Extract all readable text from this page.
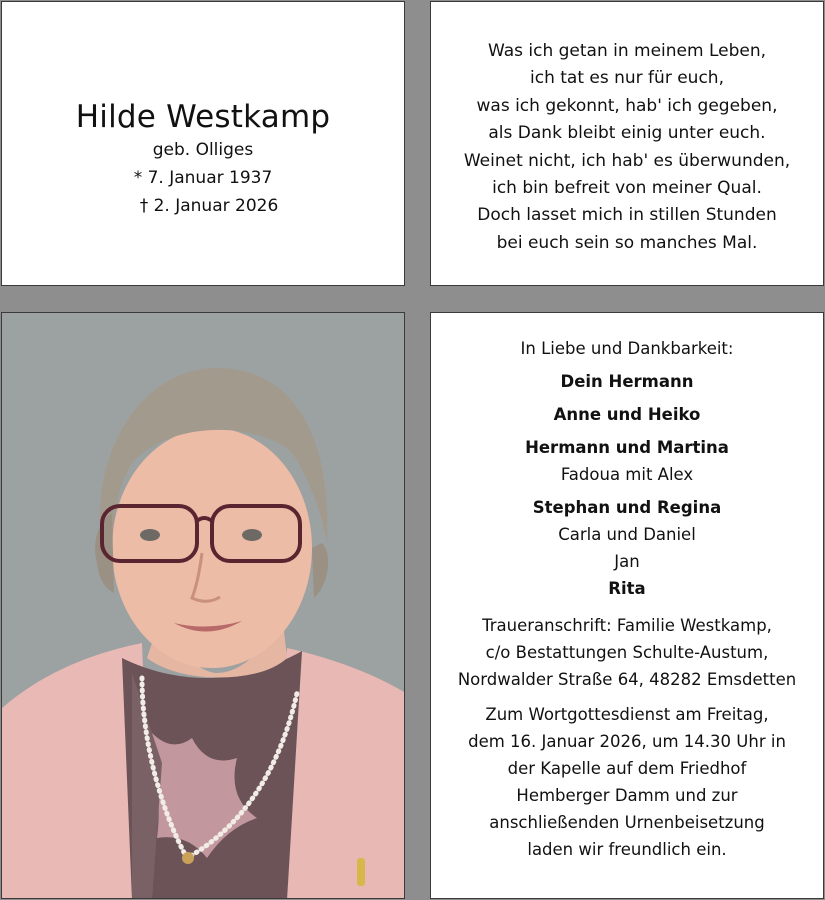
Hilde Westkamp
geb. Olliges
* 7. Januar 1937
† 2. Januar 2026
Was ich getan in meinem Leben,
ich tat es nur für euch,
was ich gekonnt, hab' ich gegeben,
als Dank bleibt einig unter euch.
Weinet nicht, ich hab' es überwunden,
ich bin befreit von meiner Qual.
Doch lasset mich in stillen Stunden
bei euch sein so manches Mal.
In Liebe und Dankbarkeit:
Dein Hermann
Anne und Heiko
Hermann und Martina
Fadoua mit Alex
Stephan und Regina
Carla und Daniel
Jan
Rita
Traueranschrift: Familie Westkamp,
c/o Bestattungen Schulte-Austum,
Nordwalder Straße 64, 48282 Emsdetten
Zum Wortgottesdienst am Freitag,
dem 16. Januar 2026, um 14.30 Uhr in
der Kapelle auf dem Friedhof
Hemberger Damm und zur
anschließenden Urnenbeisetzung
laden wir freundlich ein.
